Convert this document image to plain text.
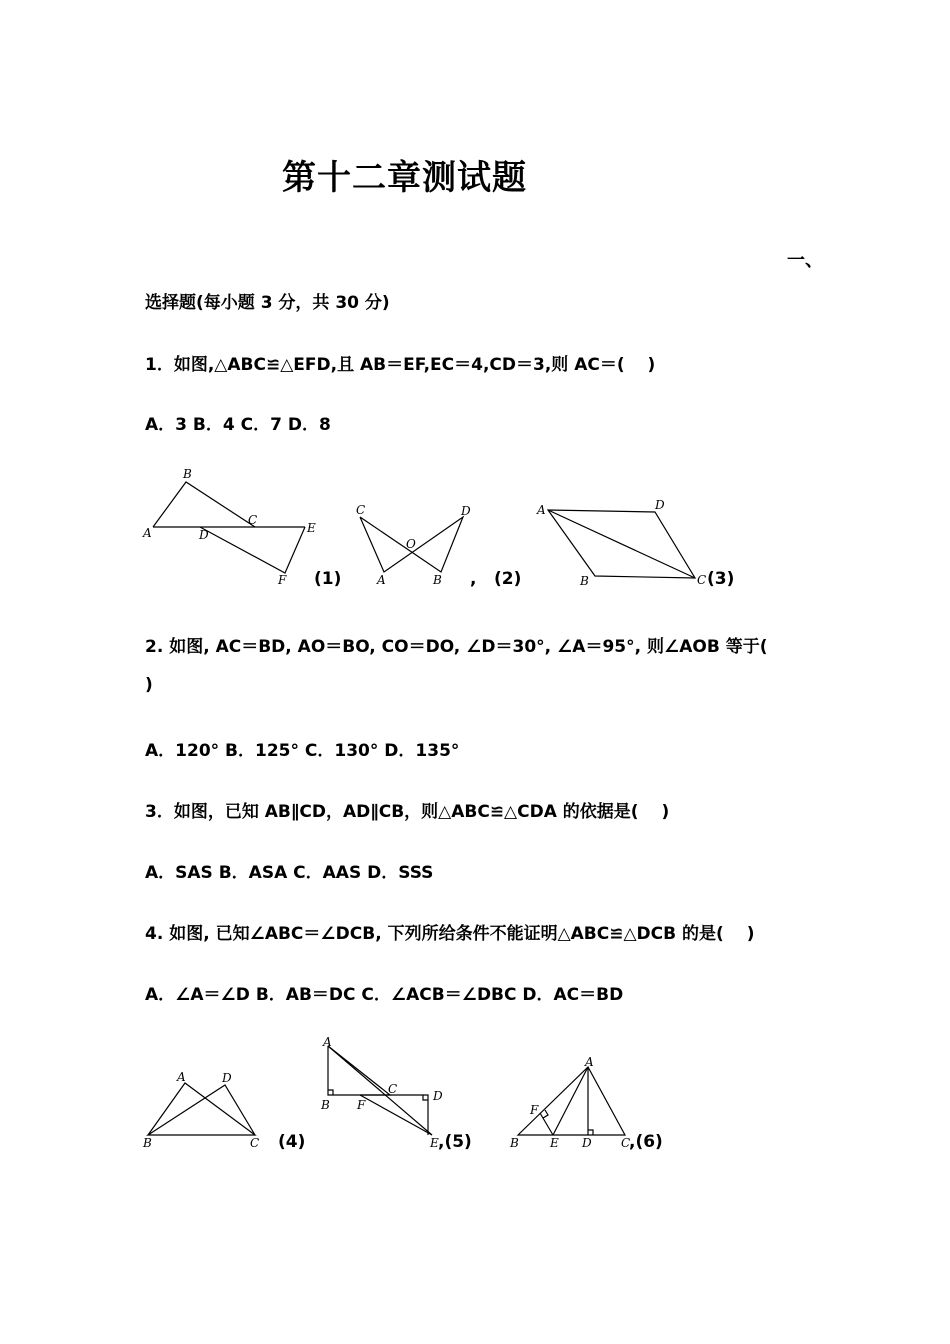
第十二章测试题
一、
选择题(每小题 3 分，共 30 分)
1．如图,△ABC≌△EFD,且 AB＝EF,EC＝4,CD＝3,则 AC＝(　 )
A．3 B．4 C．7 D．8
2. 如图, AC＝BD, AO＝BO, CO＝DO, ∠D＝30°, ∠A＝95°, 则∠AOB 等于(
)
A．120° B．125° C．130° D．135°
3．如图，已知 AB∥CD，AD∥CB，则△ABC≌△CDA 的依据是(　 )
A．SAS B．ASA C．AAS D．SSS
4. 如图, 已知∠ABC＝∠DCB, 下列所给条件不能证明△ABC≌△DCB 的是(　 )
A．∠A＝∠D B．AB＝DC C．∠ACB＝∠DBC D．AC＝BD
B
C
A	D	E
F (1)
C	D
O
A	B , (2)
A	D
B	C (3)
A	D
B	C (4)
A
C
B F
D
E ,(5)
A
F
B	E D C
,(6)
